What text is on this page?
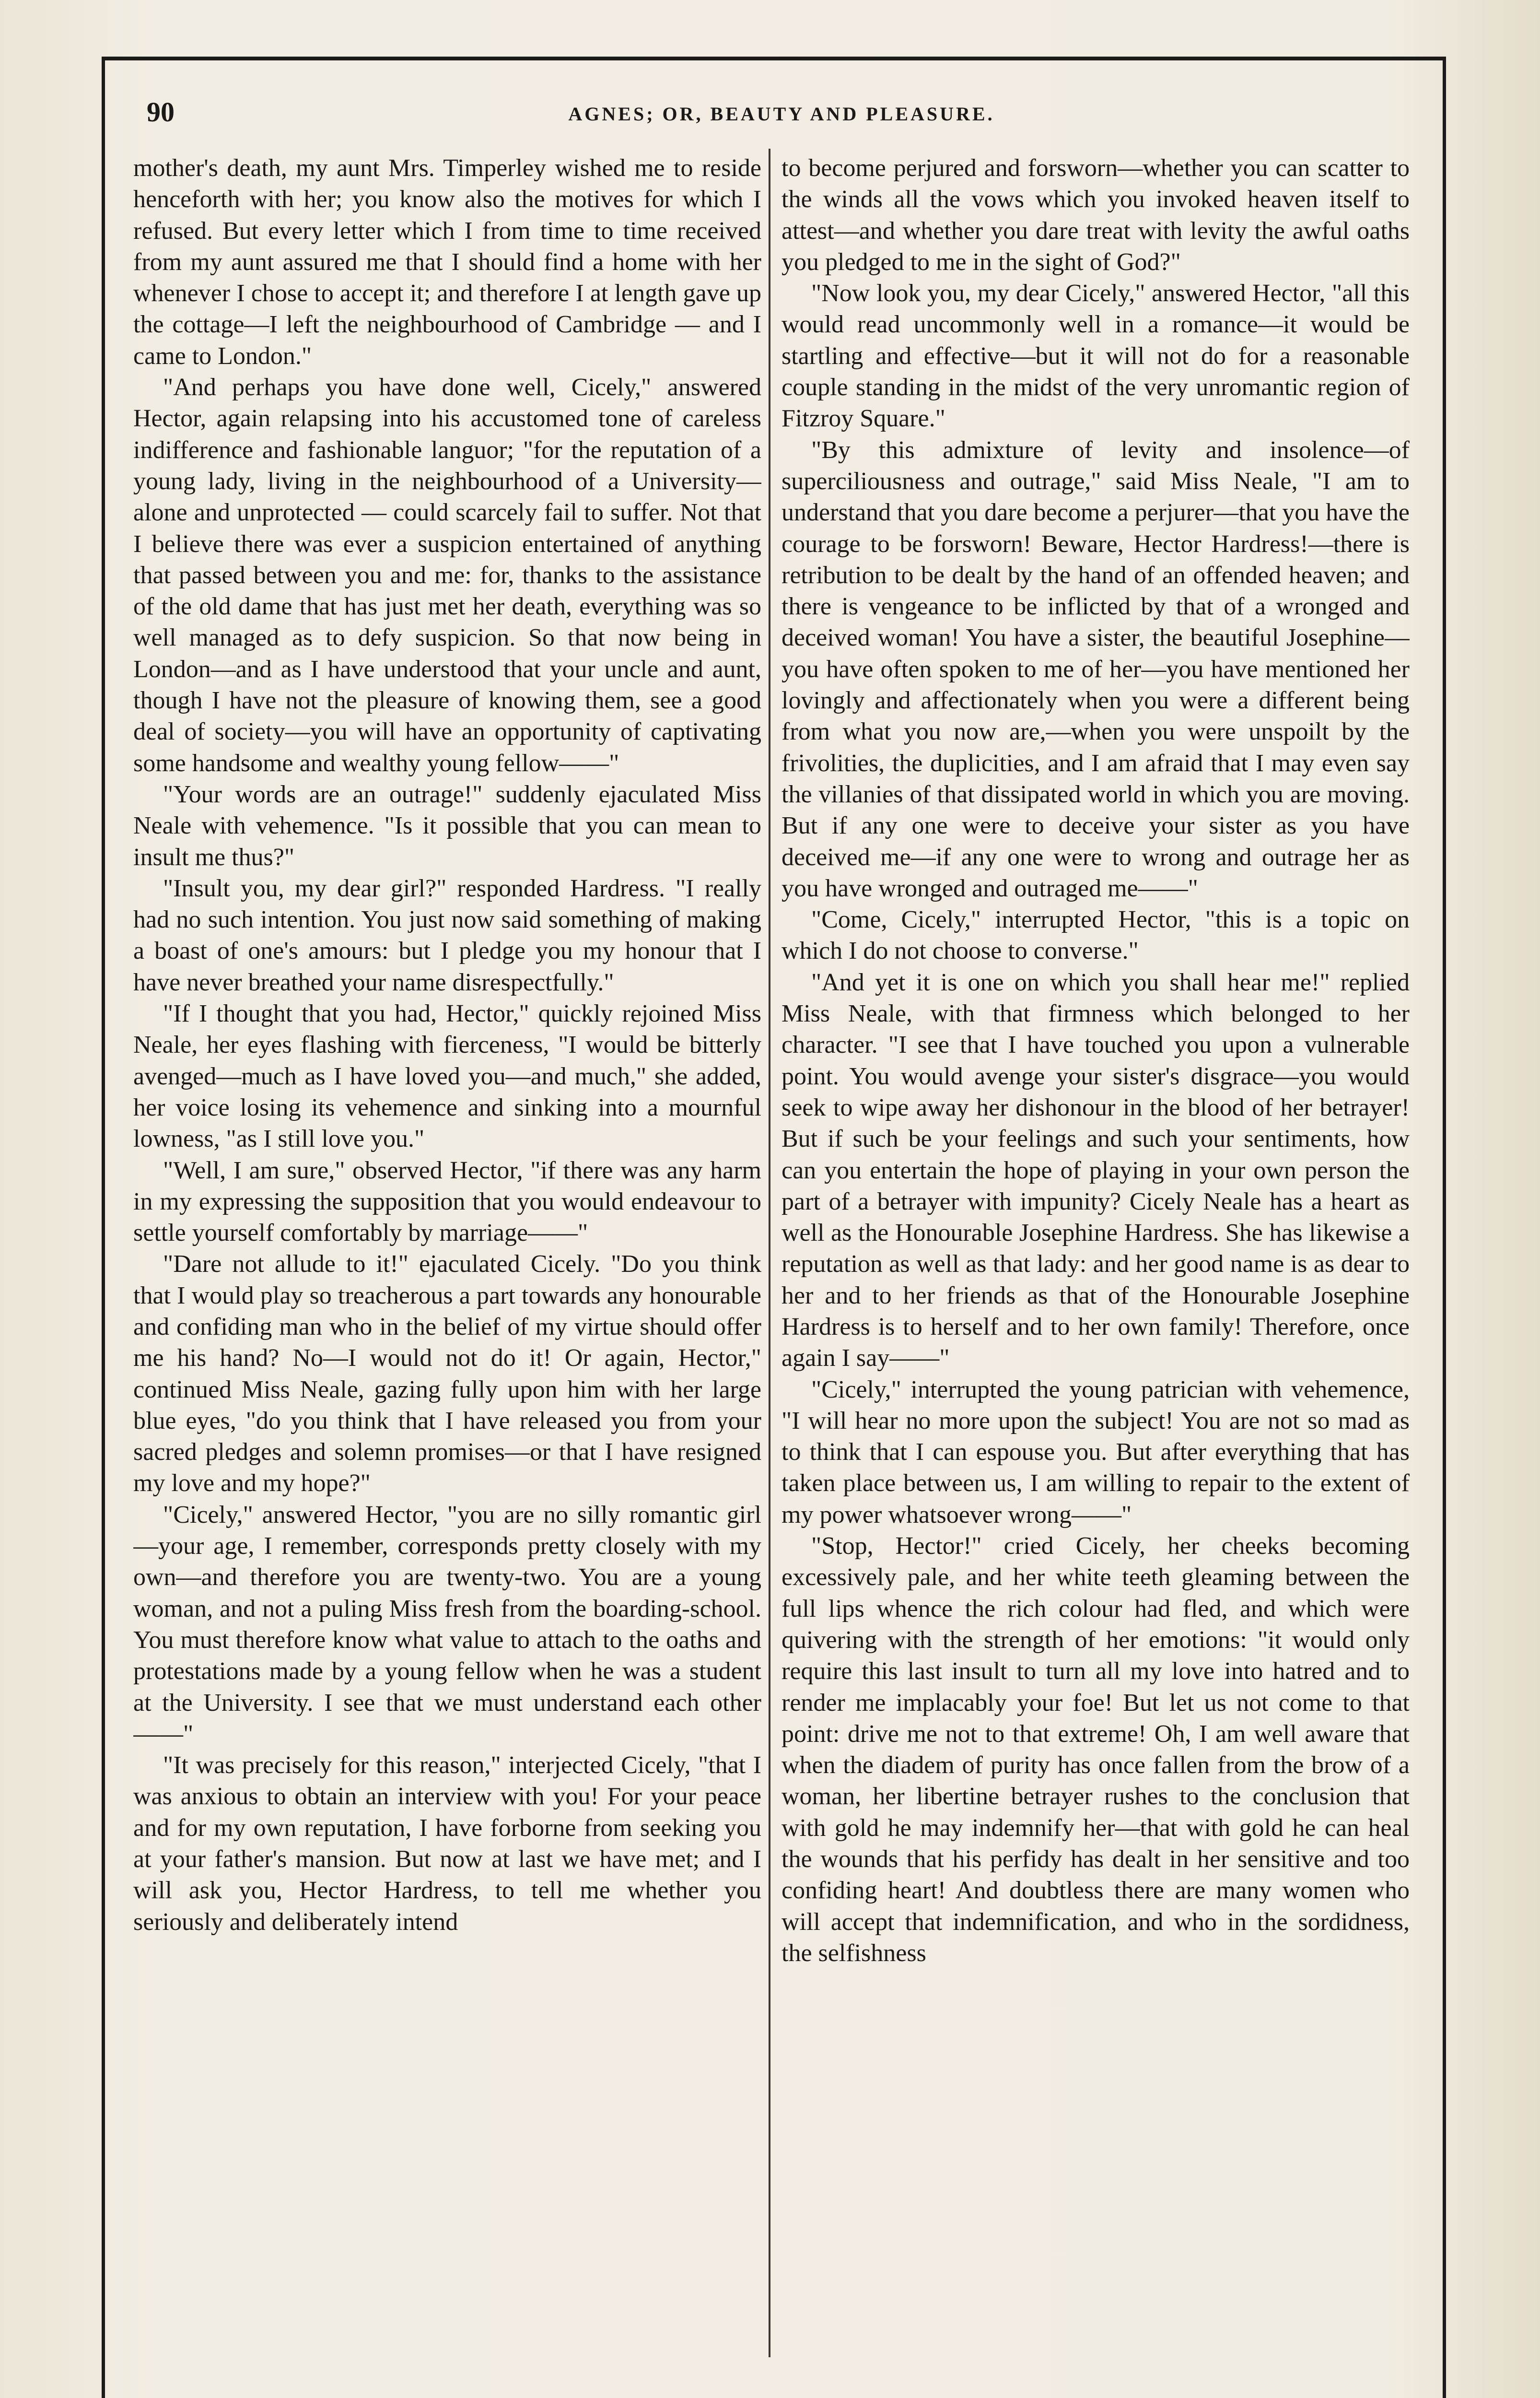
90	AGNES; OR, BEAUTY AND PLEASURE.

mother's death, my aunt Mrs. Timperley wished me to reside henceforth with her; you know also the motives for which I refused. But every letter which I from time to time received from my aunt assured me that I should find a home with her whenever I chose to accept it; and therefore I at length gave up the cottage—I left the neighbourhood of Cambridge — and I came to London."

"And perhaps you have done well, Cicely," answered Hector, again relapsing into his accustomed tone of careless indifference and fashionable languor; "for the reputation of a young lady, living in the neighbourhood of a University—alone and unprotected — could scarcely fail to suffer. Not that I believe there was ever a suspicion entertained of anything that passed between you and me: for, thanks to the assistance of the old dame that has just met her death, everything was so well managed as to defy suspicion. So that now being in London—and as I have understood that your uncle and aunt, though I have not the pleasure of knowing them, see a good deal of society—you will have an opportunity of captivating some handsome and wealthy young fellow——"

"Your words are an outrage!" suddenly ejaculated Miss Neale with vehemence. "Is it possible that you can mean to insult me thus?"

"Insult you, my dear girl?" responded Hardress. "I really had no such intention. You just now said something of making a boast of one's amours: but I pledge you my honour that I have never breathed your name disrespectfully."

"If I thought that you had, Hector," quickly rejoined Miss Neale, her eyes flashing with fierceness, "I would be bitterly avenged—much as I have loved you—and much," she added, her voice losing its vehemence and sinking into a mournful lowness, "as I still love you."

"Well, I am sure," observed Hector, "if there was any harm in my expressing the supposition that you would endeavour to settle yourself comfortably by marriage——"

"Dare not allude to it!" ejaculated Cicely. "Do you think that I would play so treacherous a part towards any honourable and confiding man who in the belief of my virtue should offer me his hand? No—I would not do it! Or again, Hector," continued Miss Neale, gazing fully upon him with her large blue eyes, "do you think that I have released you from your sacred pledges and solemn promises—or that I have resigned my love and my hope?"

"Cicely," answered Hector, "you are no silly romantic girl—your age, I remember, corresponds pretty closely with my own—and therefore you are twenty-two. You are a young woman, and not a puling Miss fresh from the boarding-school. You must therefore know what value to attach to the oaths and protestations made by a young fellow when he was a student at the University. I see that we must understand each other——"

"It was precisely for this reason," interjected Cicely, "that I was anxious to obtain an interview with you! For your peace and for my own reputation, I have forborne from seeking you at your father's mansion. But now at last we have met; and I will ask you, Hector Hardress, to tell me whether you seriously and deliberately intend

to become perjured and forsworn—whether you can scatter to the winds all the vows which you invoked heaven itself to attest—and whether you dare treat with levity the awful oaths you pledged to me in the sight of God?"

"Now look you, my dear Cicely," answered Hector, "all this would read uncommonly well in a romance—it would be startling and effective—but it will not do for a reasonable couple standing in the midst of the very unromantic region of Fitzroy Square."

"By this admixture of levity and insolence—of superciliousness and outrage," said Miss Neale, "I am to understand that you dare become a perjurer—that you have the courage to be forsworn! Beware, Hector Hardress!—there is retribution to be dealt by the hand of an offended heaven; and there is vengeance to be inflicted by that of a wronged and deceived woman! You have a sister, the beautiful Josephine—you have often spoken to me of her—you have mentioned her lovingly and affectionately when you were a different being from what you now are,—when you were unspoilt by the frivolities, the duplicities, and I am afraid that I may even say the villanies of that dissipated world in which you are moving. But if any one were to deceive your sister as you have deceived me—if any one were to wrong and outrage her as you have wronged and outraged me——"

"Come, Cicely," interrupted Hector, "this is a topic on which I do not choose to converse."

"And yet it is one on which you shall hear me!" replied Miss Neale, with that firmness which belonged to her character. "I see that I have touched you upon a vulnerable point. You would avenge your sister's disgrace—you would seek to wipe away her dishonour in the blood of her betrayer! But if such be your feelings and such your sentiments, how can you entertain the hope of playing in your own person the part of a betrayer with impunity? Cicely Neale has a heart as well as the Honourable Josephine Hardress. She has likewise a reputation as well as that lady: and her good name is as dear to her and to her friends as that of the Honourable Josephine Hardress is to herself and to her own family! Therefore, once again I say——"

"Cicely," interrupted the young patrician with vehemence, "I will hear no more upon the subject! You are not so mad as to think that I can espouse you. But after everything that has taken place between us, I am willing to repair to the extent of my power whatsoever wrong——"

"Stop, Hector!" cried Cicely, her cheeks becoming excessively pale, and her white teeth gleaming between the full lips whence the rich colour had fled, and which were quivering with the strength of her emotions: "it would only require this last insult to turn all my love into hatred and to render me implacably your foe! But let us not come to that point: drive me not to that extreme! Oh, I am well aware that when the diadem of purity has once fallen from the brow of a woman, her libertine betrayer rushes to the conclusion that with gold he may indemnify her—that with gold he can heal the wounds that his perfidy has dealt in her sensitive and too confiding heart! And doubtless there are many women who will accept that indemnification, and who in the sordidness, the selfishness
